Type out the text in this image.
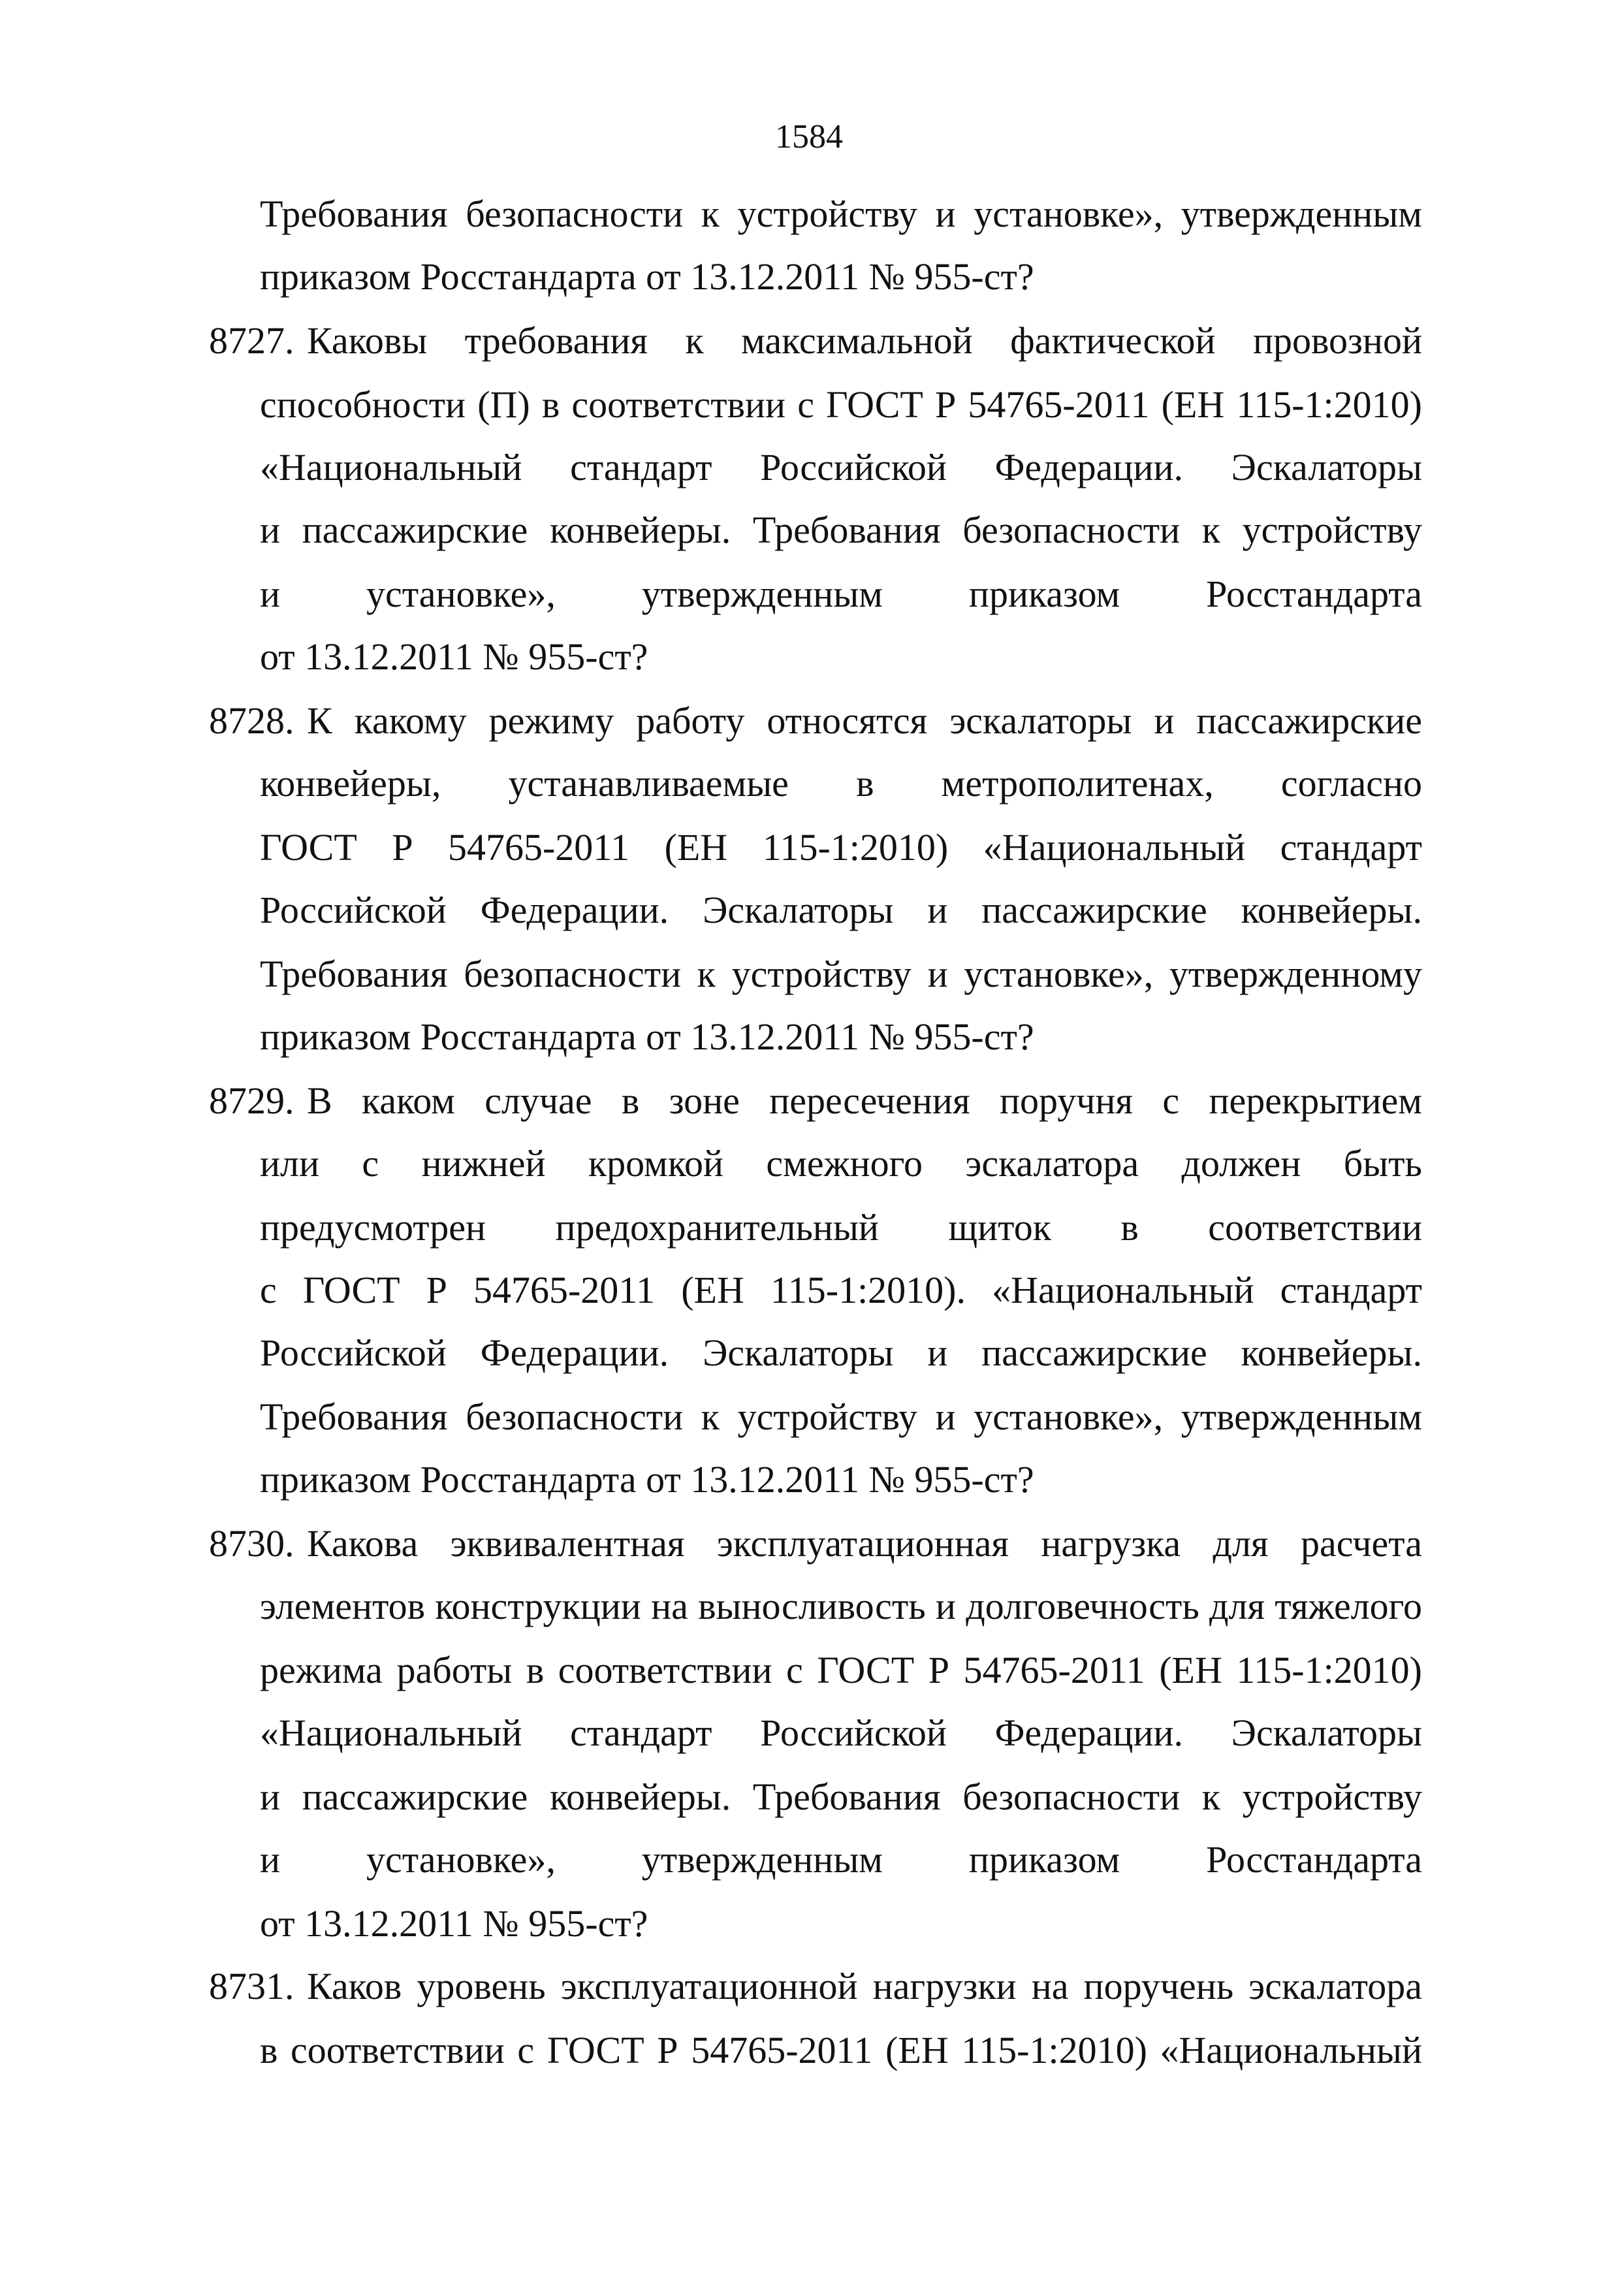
1584
Требования безопасности к устройству и установке», утвержденным
приказом Росстандарта от 13.12.2011 № 955-ст?
8727. Каковы требования к максимальной фактической провозной
способности (П) в соответствии с ГОСТ Р 54765-2011 (ЕН 115-1:2010)
«Национальный стандарт Российской Федерации. Эскалаторы
и пассажирские конвейеры. Требования безопасности к устройству
и установке», утвержденным приказом Росстандарта
от 13.12.2011 № 955-ст?
8728. К какому режиму работу относятся эскалаторы и пассажирские
конвейеры, устанавливаемые в метрополитенах, согласно
ГОСТ Р 54765-2011 (ЕН 115-1:2010) «Национальный стандарт
Российской Федерации. Эскалаторы и пассажирские конвейеры.
Требования безопасности к устройству и установке», утвержденному
приказом Росстандарта от 13.12.2011 № 955-ст?
8729. В каком случае в зоне пересечения поручня с перекрытием
или с нижней кромкой смежного эскалатора должен быть
предусмотрен предохранительный щиток в соответствии
с ГОСТ Р 54765-2011 (ЕН 115-1:2010). «Национальный стандарт
Российской Федерации. Эскалаторы и пассажирские конвейеры.
Требования безопасности к устройству и установке», утвержденным
приказом Росстандарта от 13.12.2011 № 955-ст?
8730. Какова эквивалентная эксплуатационная нагрузка для расчета
элементов конструкции на выносливость и долговечность для тяжелого
режима работы в соответствии с ГОСТ Р 54765-2011 (ЕН 115-1:2010)
«Национальный стандарт Российской Федерации. Эскалаторы
и пассажирские конвейеры. Требования безопасности к устройству
и установке», утвержденным приказом Росстандарта
от 13.12.2011 № 955-ст?
8731. Каков уровень эксплуатационной нагрузки на поручень эскалатора
в соответствии с ГОСТ Р 54765-2011 (ЕН 115-1:2010) «Национальный
